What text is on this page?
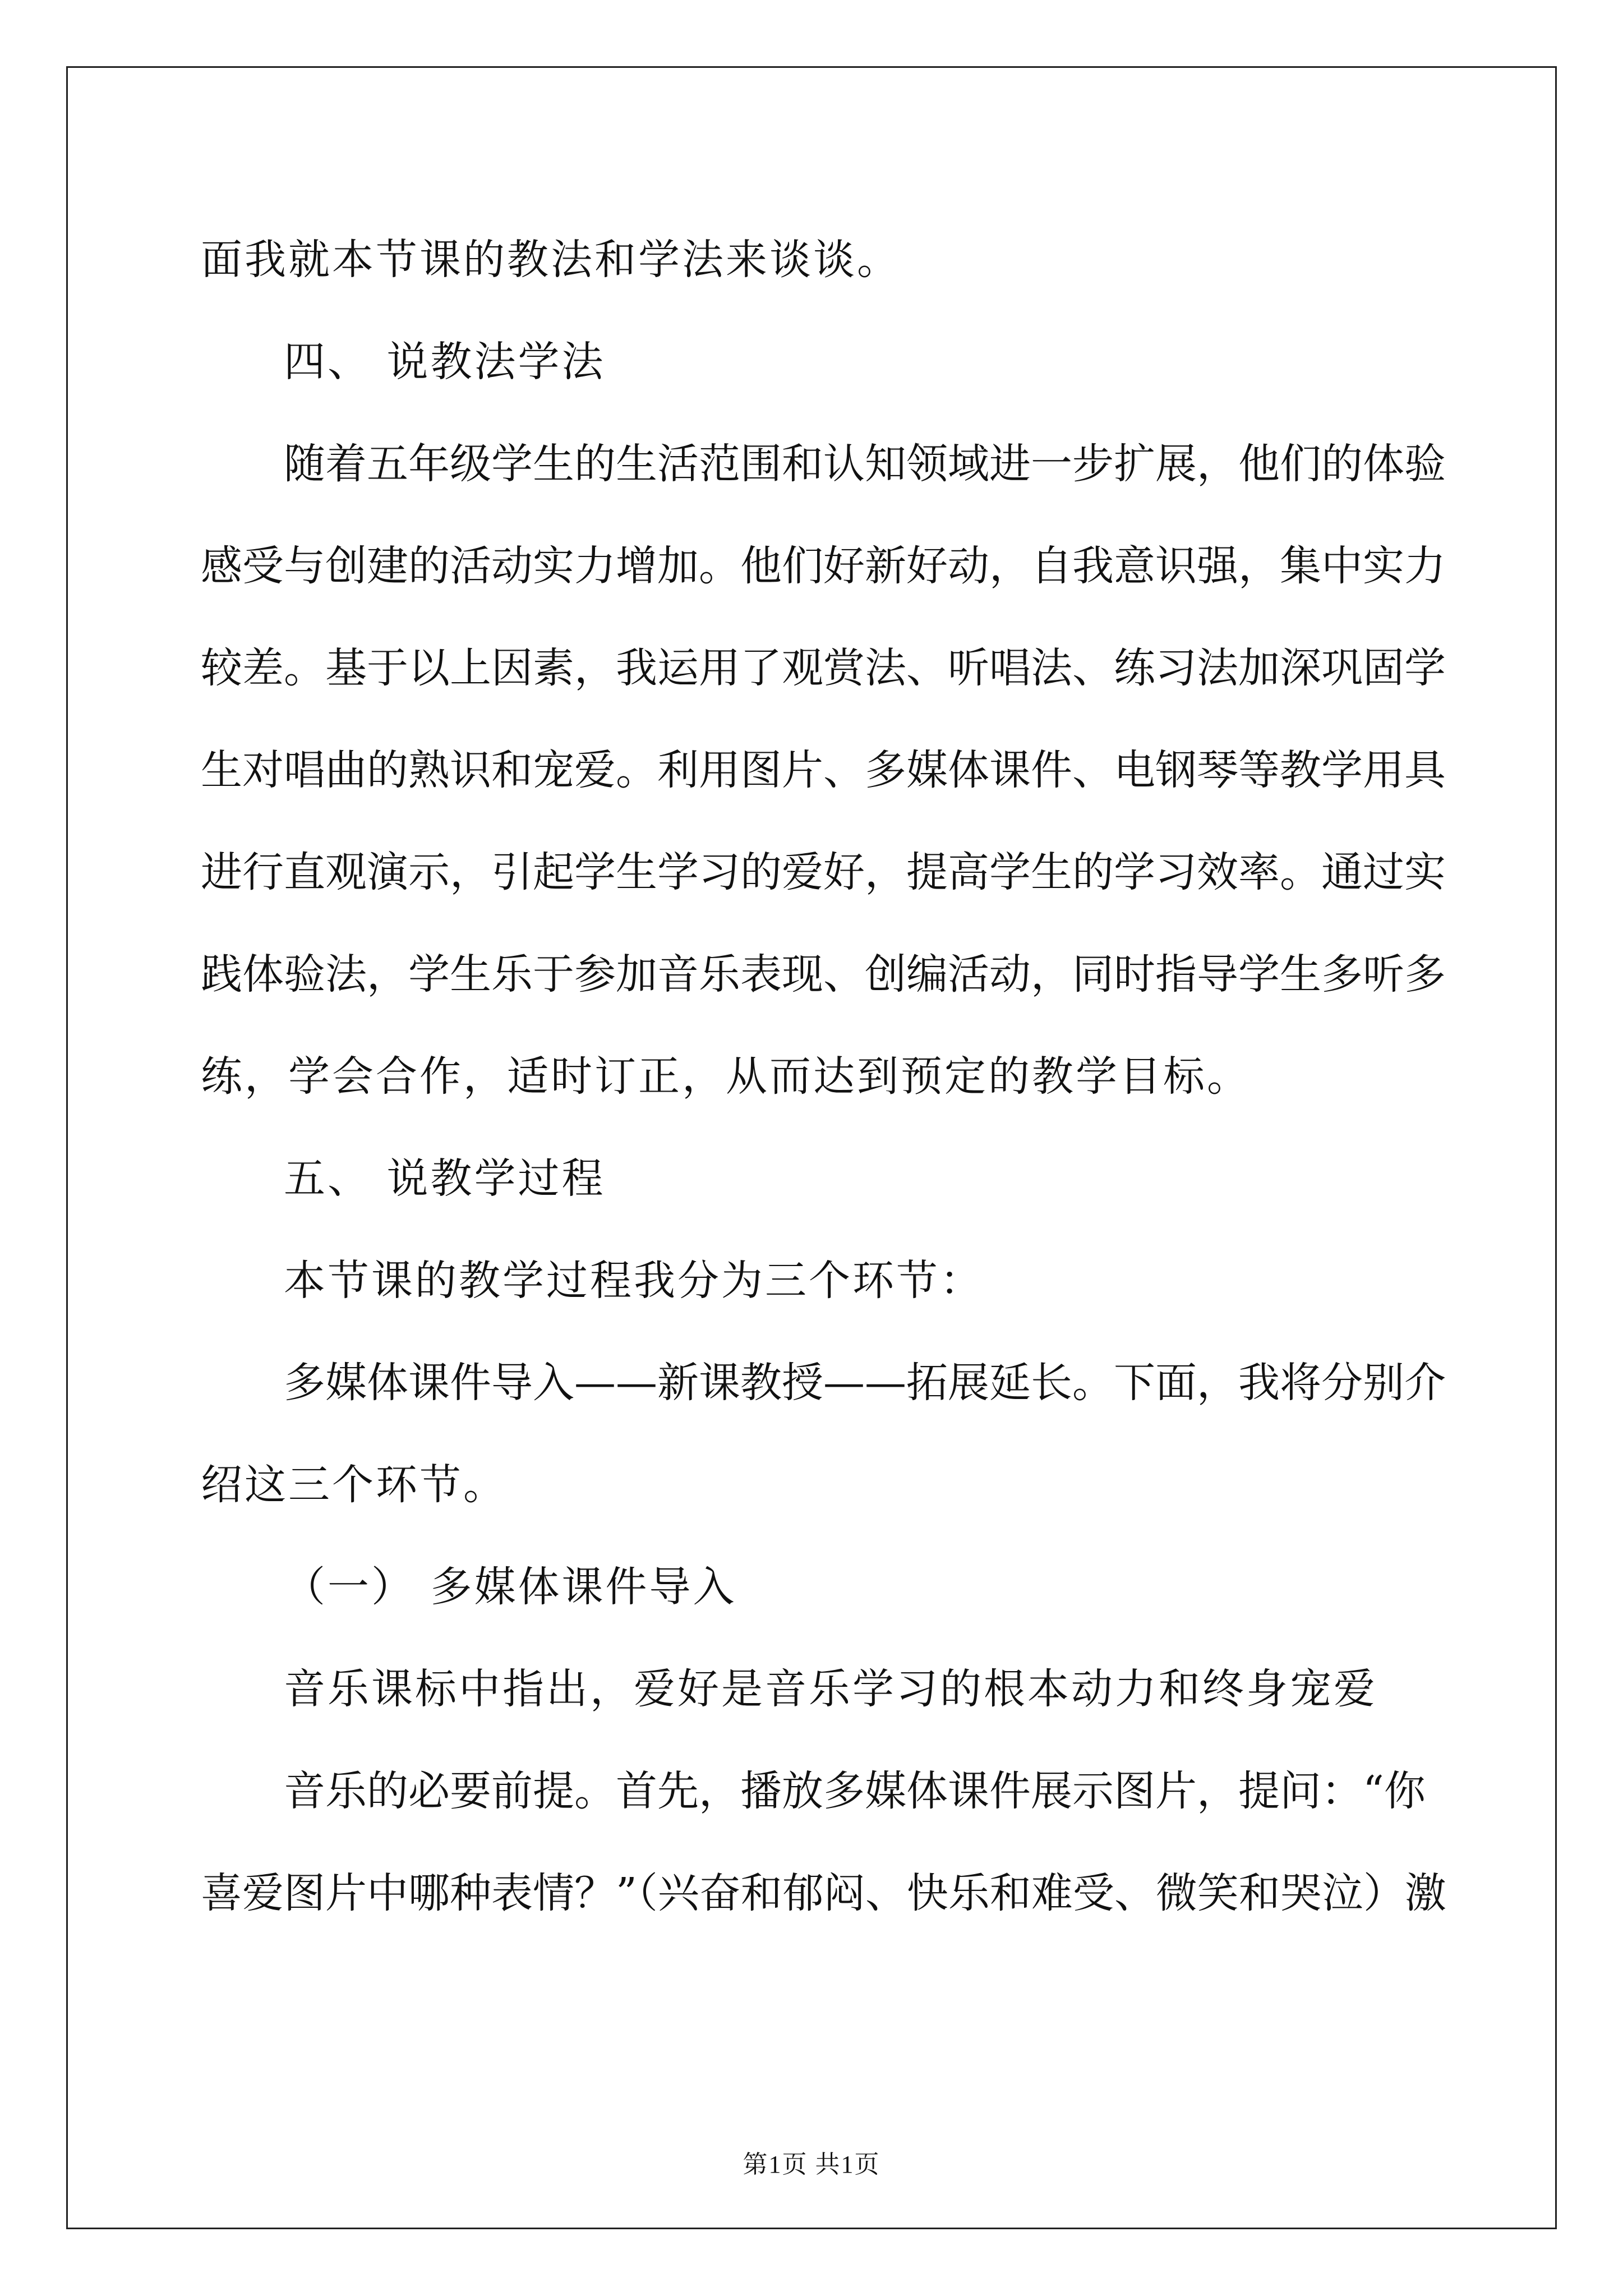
面我就本节课的教法和学法来谈谈。
四、 说教法学法
随着五年级学生的生活范围和认知领域进一步扩展，他们的体验
感受与创建的活动实力增加。他们好新好动，自我意识强，集中实力
较差。基于以上因素，我运用了观赏法、听唱法、练习法加深巩固学
生对唱曲的熟识和宠爱。利用图片、多媒体课件、电钢琴等教学用具
进行直观演示，引起学生学习的爱好，提高学生的学习效率。通过实
践体验法，学生乐于参加音乐表现、创编活动，同时指导学生多听多
练，学会合作，适时订正，从而达到预定的教学目标。
五、 说教学过程
本节课的教学过程我分为三个环节：
多媒体课件导入——新课教授——拓展延长。下面，我将分别介
绍这三个环节。
（一） 多媒体课件导入
音乐课标中指出，爱好是音乐学习的根本动力和终身宠爱
音乐的必要前提。首先，播放多媒体课件展示图片，提问：“你
喜爱图片中哪种表情？”（兴奋和郁闷、快乐和难受、微笑和哭泣）激
第1页 共1页
